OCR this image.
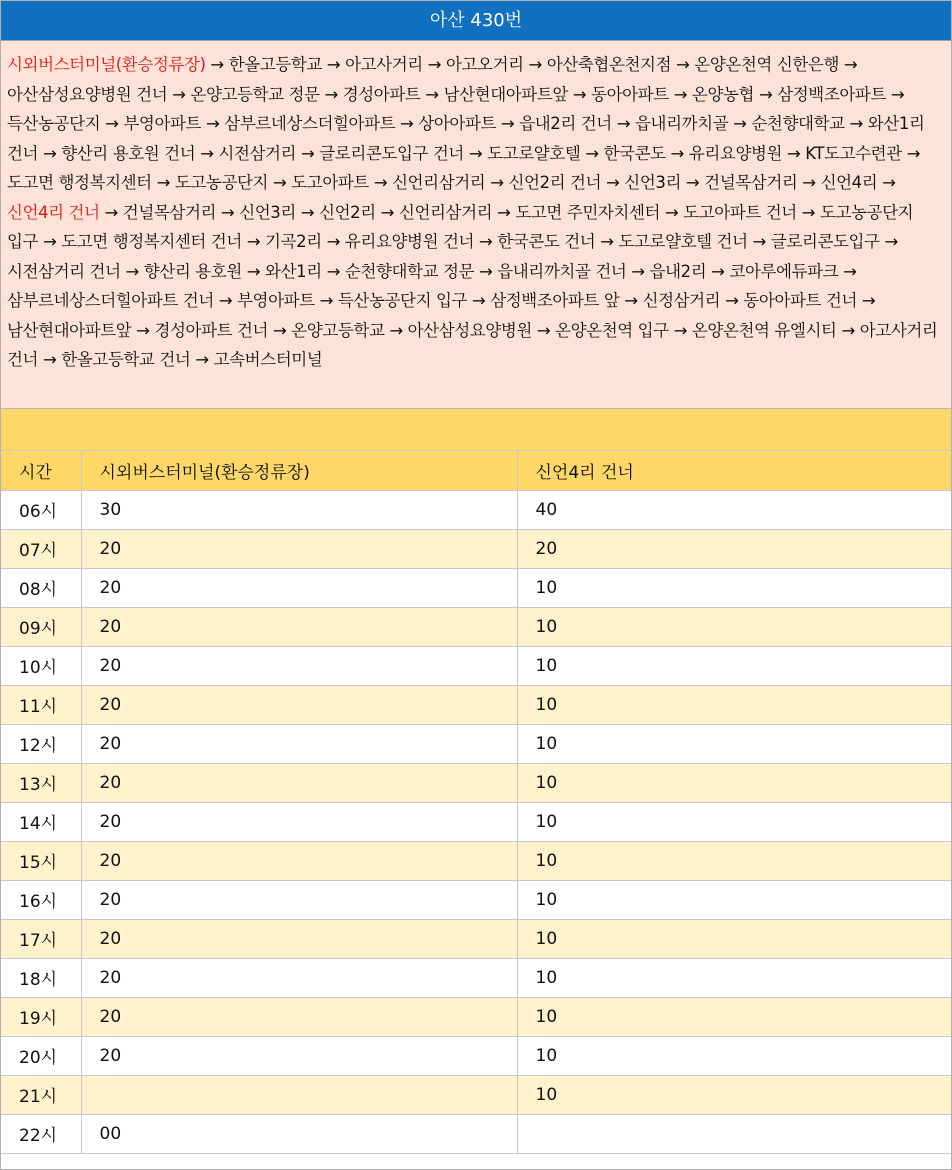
아산 430번
시외버스터미널(환승정류장) → 한올고등학교 → 아고사거리 → 아고오거리 → 아산축협온천지점 → 온양온천역 신한은행 → 아산삼성요양병원 건너 → 온양고등학교 정문 → 경성아파트 → 남산현대아파트앞 → 동아아파트 → 온양농협 → 삼정백조아파트 → 득산농공단지 → 부영아파트 → 삼부르네상스더힐아파트 → 상아아파트 → 읍내2리 건너 → 읍내리까치골 → 순천향대학교 → 와산1리 건너 → 향산리 용호원 건너 → 시전삼거리 → 글로리콘도입구 건너 → 도고로얄호텔 → 한국콘도 → 유리요양병원 → KT도고수련관 → 도고면 행정복지센터 → 도고농공단지 → 도고아파트 → 신언리삼거리 → 신언2리 건너 → 신언3리 → 건널목삼거리 → 신언4리 → 신언4리 건너 → 건널목삼거리 → 신언3리 → 신언2리 → 신언리삼거리 → 도고면 주민자치센터 → 도고아파트 건너 → 도고농공단지 입구 → 도고면 행정복지센터 건너 → 기곡2리 → 유리요양병원 건너 → 한국콘도 건너 → 도고로얄호텔 건너 → 글로리콘도입구 → 시전삼거리 건너 → 향산리 용호원 → 와산1리 → 순천향대학교 정문 → 읍내리까치골 건너 → 읍내2리 → 코아루에듀파크 → 삼부르네상스더힐아파트 건너 → 부영아파트 → 득산농공단지 입구 → 삼정백조아파트 앞 → 신정삼거리 → 동아아파트 건너 → 남산현대아파트앞 → 경성아파트 건너 → 온양고등학교 → 아산삼성요양병원 → 온양온천역 입구 → 온양온천역 유엘시티 → 아고사거리 건너 → 한올고등학교 건너 → 고속버스터미널
시간	시외버스터미널(환승정류장)	신언4리 건너
06시	30	40
07시	20	20
08시	20	10
09시	20	10
10시	20	10
11시	20	10
12시	20	10
13시	20	10
14시	20	10
15시	20	10
16시	20	10
17시	20	10
18시	20	10
19시	20	10
20시	20	10
21시		10
22시	00	
